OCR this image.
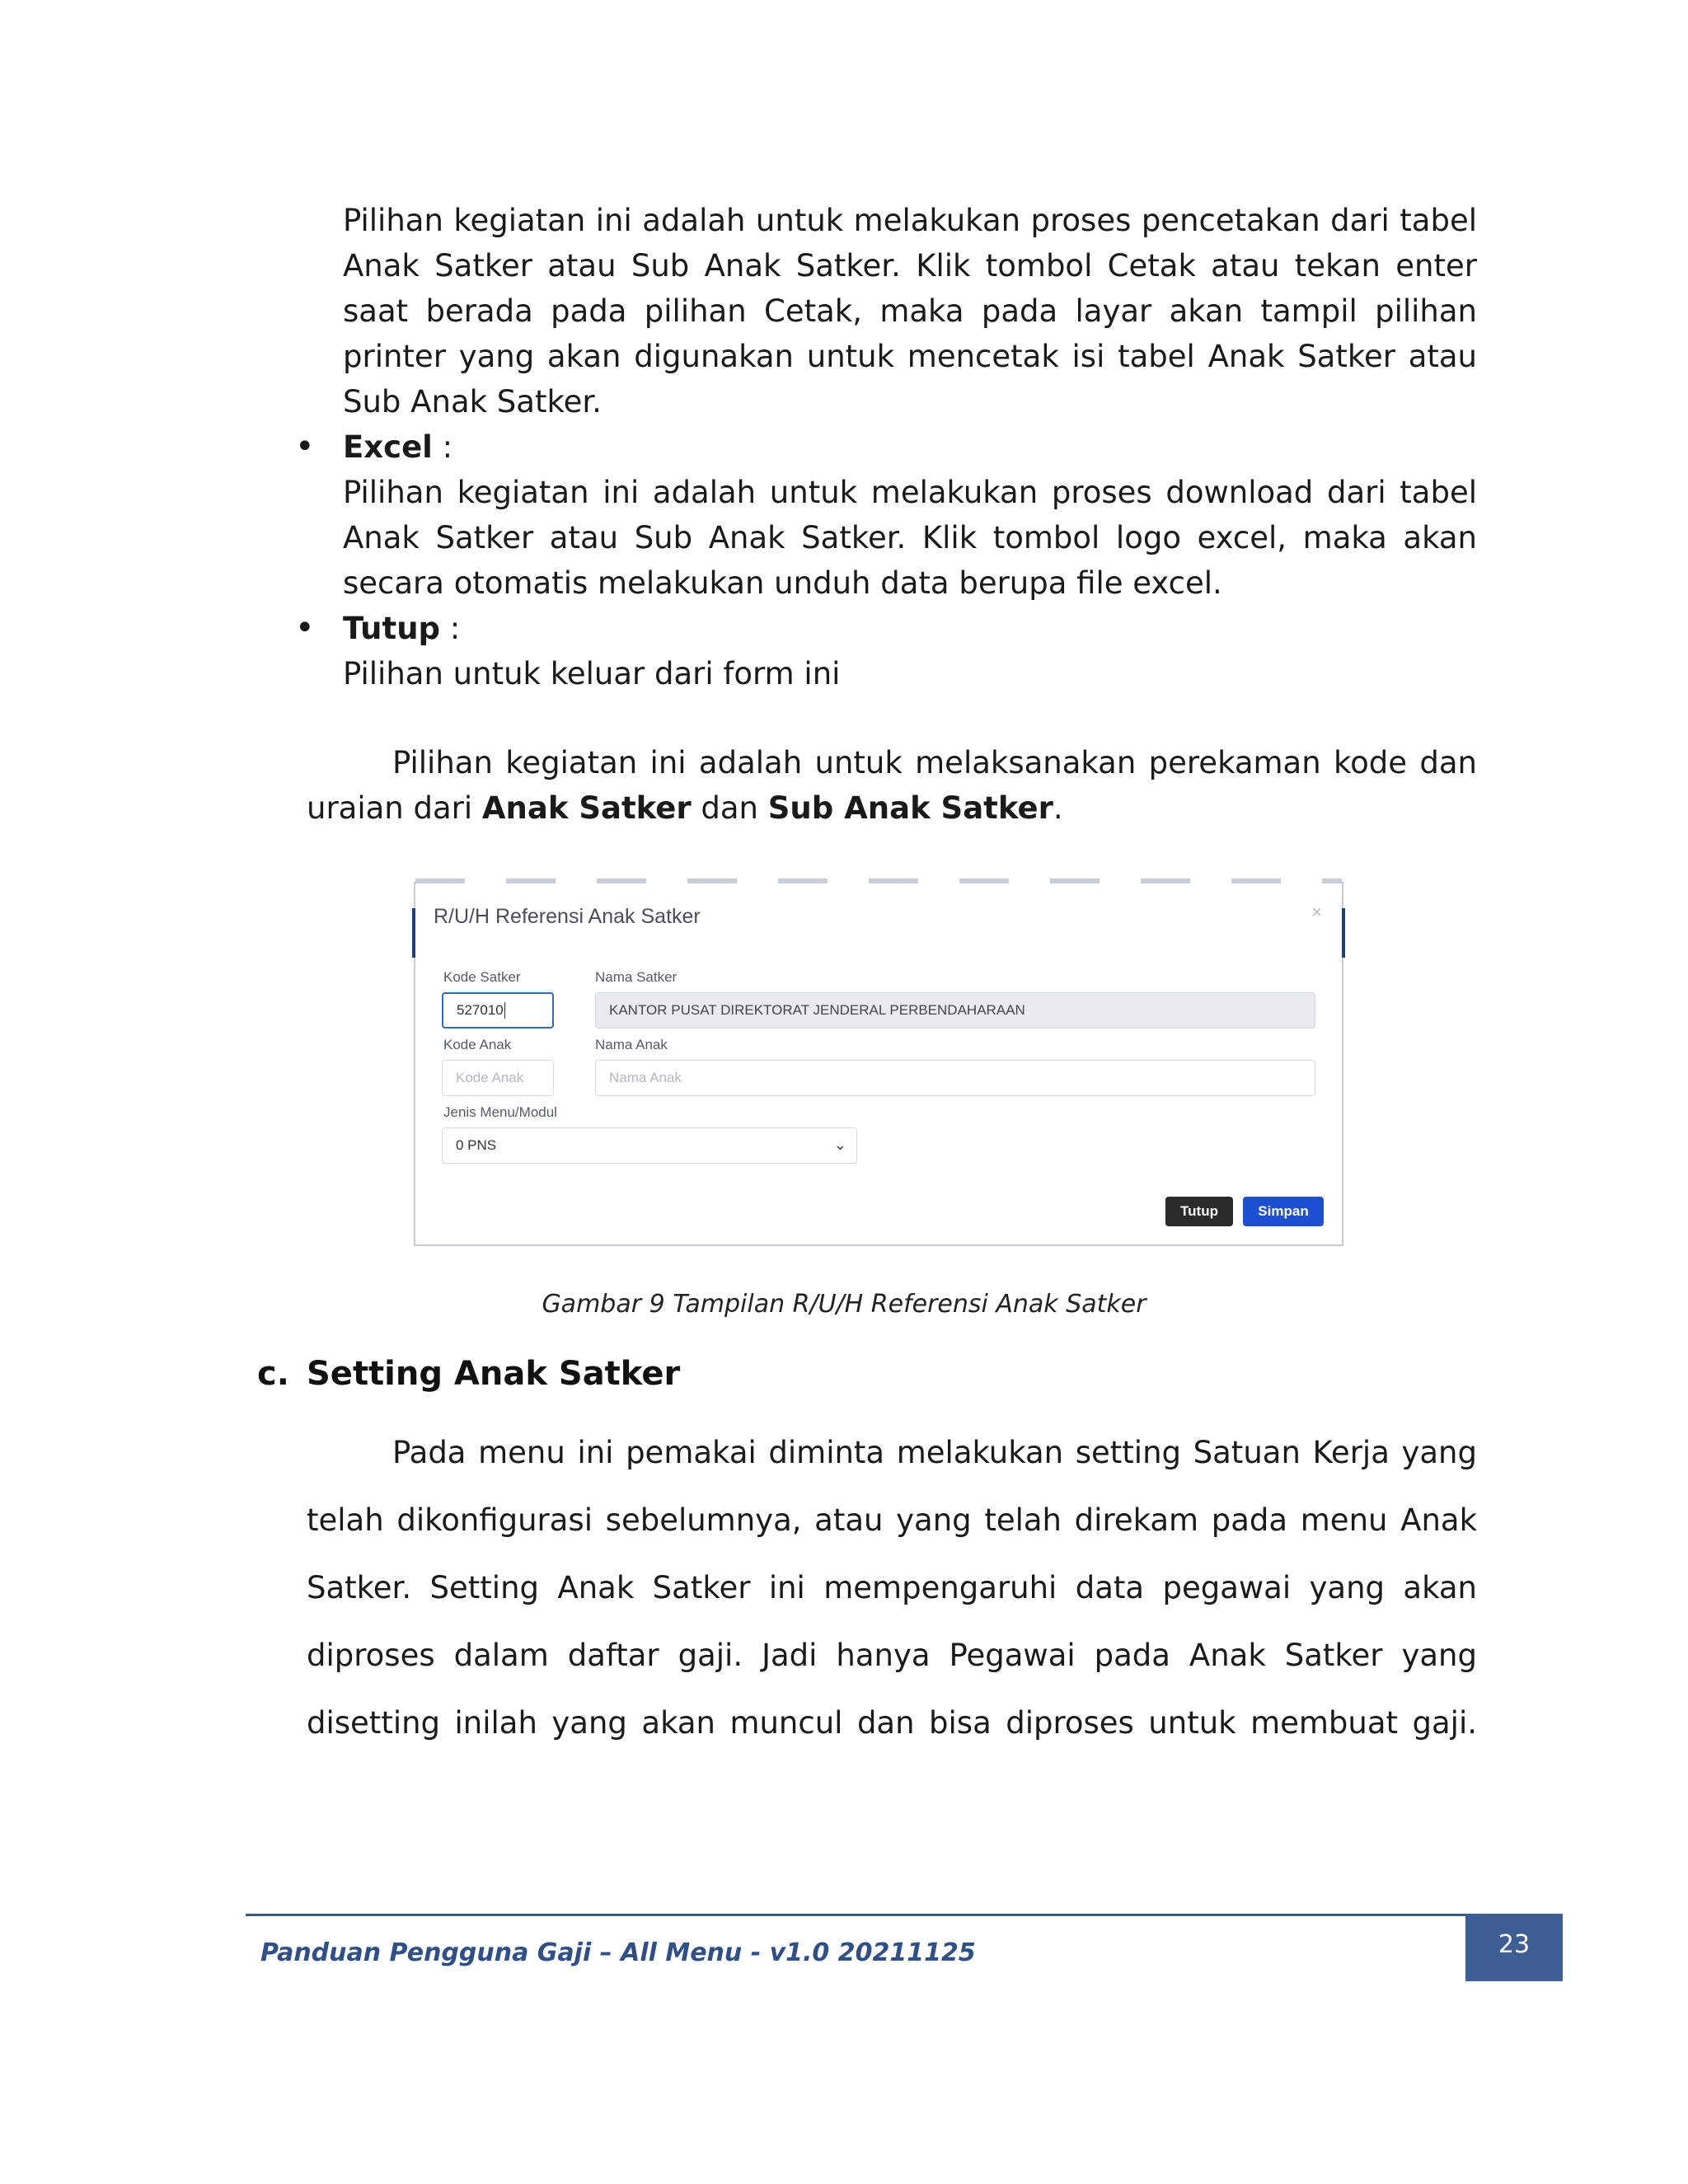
Pilihan kegiatan ini adalah untuk melakukan proses pencetakan dari tabel Anak Satker atau Sub Anak Satker. Klik tombol Cetak atau tekan enter saat berada pada pilihan Cetak, maka pada layar akan tampil pilihan printer yang akan digunakan untuk mencetak isi tabel Anak Satker atau Sub Anak Satker.

• Excel :

Pilihan kegiatan ini adalah untuk melakukan proses download dari tabel Anak Satker atau Sub Anak Satker. Klik tombol logo excel, maka akan secara otomatis melakukan unduh data berupa file excel.

• Tutup :

Pilihan untuk keluar dari form ini

Pilihan kegiatan ini adalah untuk melaksanakan perekaman kode dan uraian dari Anak Satker dan Sub Anak Satker.

R/U/H Referensi Anak Satker	×
Kode Satker
527010
Nama Satker
KANTOR PUSAT DIREKTORAT JENDERAL PERBENDAHARAAN
Kode Anak
Kode Anak
Nama Anak
Nama Anak
Jenis Menu/Modul
0 PNS	⌄
Tutup	Simpan
Gambar 9 Tampilan R/U/H Referensi Anak Satker
c. Setting Anak Satker

Pada menu ini pemakai diminta melakukan setting Satuan Kerja yang telah dikonfigurasi sebelumnya, atau yang telah direkam pada menu Anak Satker. Setting Anak Satker ini mempengaruhi data pegawai yang akan diproses dalam daftar gaji. Jadi hanya Pegawai pada Anak Satker yang disetting inilah yang akan muncul dan bisa diproses untuk membuat gaji.

Panduan Pengguna Gaji – All Menu - v1.0 20211125	23
